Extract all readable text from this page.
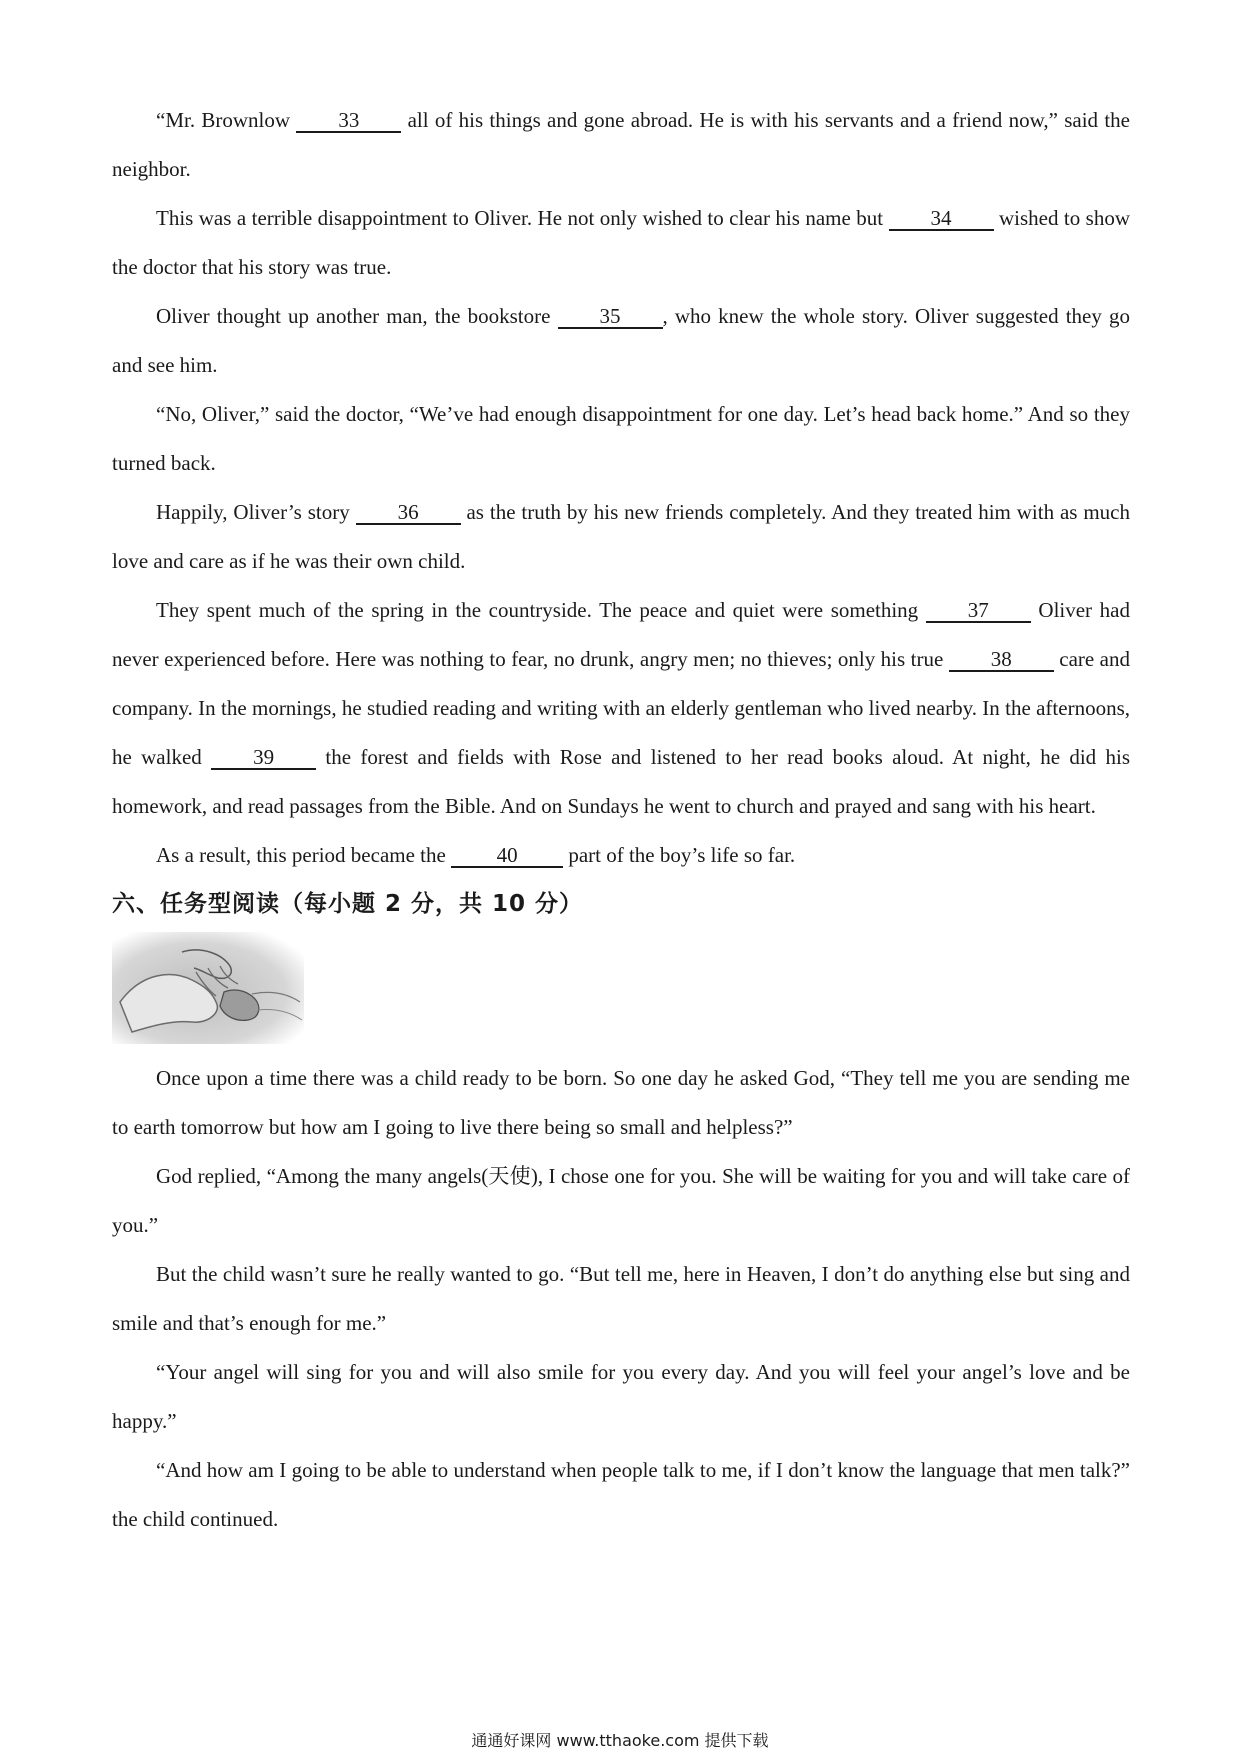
“Mr. Brownlow 33 all of his things and gone abroad. He is with his servants and a friend now,” said the neighbor.

This was a terrible disappointment to Oliver. He not only wished to clear his name but 34 wished to show the doctor that his story was true.

Oliver thought up another man, the bookstore 35 , who knew the whole story. Oliver suggested they go and see him.

“No, Oliver,” said the doctor, “We’ve had enough disappointment for one day. Let’s head back home.” And so they turned back.

Happily, Oliver’s story 36 as the truth by his new friends completely. And they treated him with as much love and care as if he was their own child.

They spent much of the spring in the countryside. The peace and quiet were something 37 Oliver had never experienced before. Here was nothing to fear, no drunk, angry men; no thieves; only his true 38 care and company. In the mornings, he studied reading and writing with an elderly gentleman who lived nearby. In the afternoons, he walked 39 the forest and fields with Rose and listened to her read books aloud. At night, he did his homework, and read passages from the Bible. And on Sundays he went to church and prayed and sang with his heart.

As a result, this period became the 40 part of the boy’s life so far.

六、任务型阅读（每小题 2 分，共 10 分）

Once upon a time there was a child ready to be born. So one day he asked God, “They tell me you are sending me to earth tomorrow but how am I going to live there being so small and helpless?”

God replied, “Among the many angels(天使), I chose one for you. She will be waiting for you and will take care of you.”

But the child wasn’t sure he really wanted to go. “But tell me, here in Heaven, I don’t do anything else but sing and smile and that’s enough for me.”

“Your angel will sing for you and will also smile for you every day. And you will feel your angel’s love and be happy.”

“And how am I going to be able to understand when people talk to me, if I don’t know the language that men talk?” the child continued.

通通好课网 www.tthaoke.com 提供下载
